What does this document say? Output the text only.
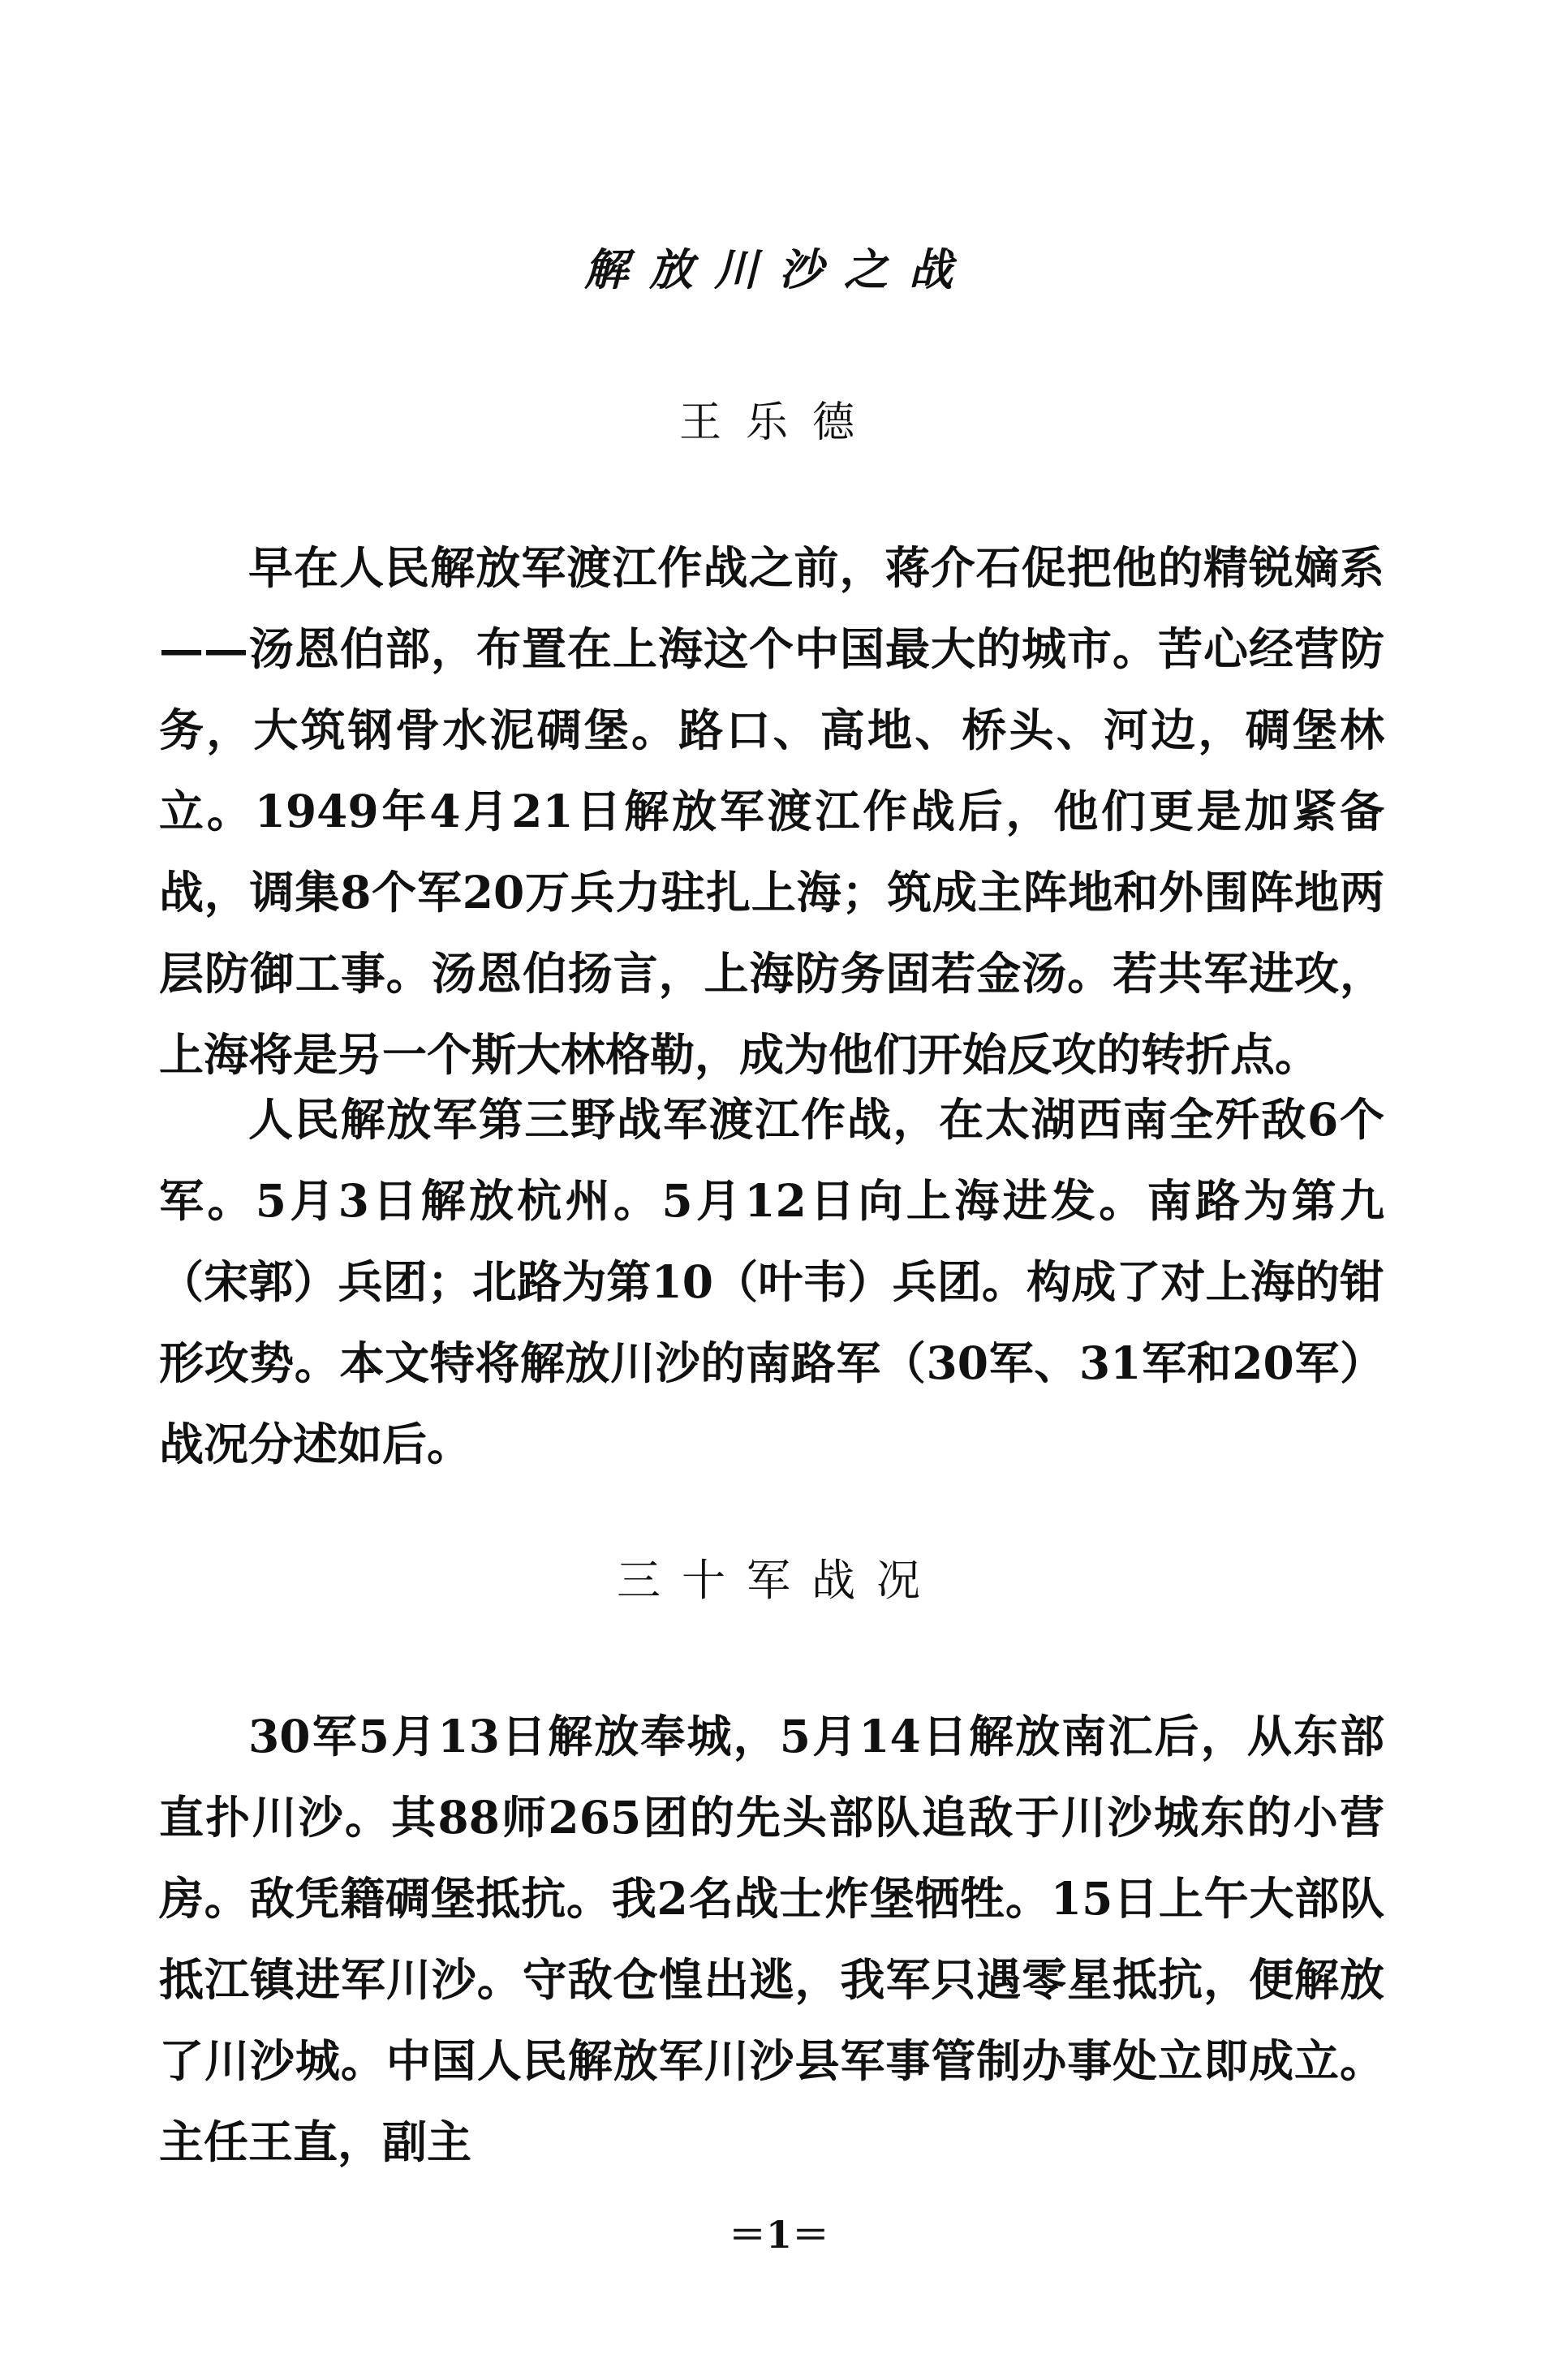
解放川沙之战
王乐德

早在人民解放军渡江作战之前，蒋介石促把他的精锐嫡系——汤恩伯部，布置在上海这个中国最大的城市。苦心经营防务，大筑钢骨水泥碉堡。路口、高地、桥头、河边，碉堡林立。1949年4月21日解放军渡江作战后，他们更是加紧备战，调集8个军20万兵力驻扎上海；筑成主阵地和外围阵地两层防御工事。汤恩伯扬言，上海防务固若金汤。若共军进攻，上海将是另一个斯大林格勒，成为他们开始反攻的转折点。

人民解放军第三野战军渡江作战，在太湖西南全歼敌6个军。5月3日解放杭州。5月12日向上海进发。南路为第九（宋郭）兵团；北路为第10（叶韦）兵团。构成了对上海的钳形攻势。本文特将解放川沙的南路军（30军、31军和20军）战况分述如后。

三十军战况

30军5月13日解放奉城，5月14日解放南汇后，从东部直扑川沙。其88师265团的先头部队追敌于川沙城东的小营房。敌凭籍碉堡抵抗。我2名战士炸堡牺牲。15日上午大部队抵江镇进军川沙。守敌仓惶出逃，我军只遇零星抵抗，便解放了川沙城。中国人民解放军川沙县军事管制办事处立即成立。主任王直，副主

＝1＝
